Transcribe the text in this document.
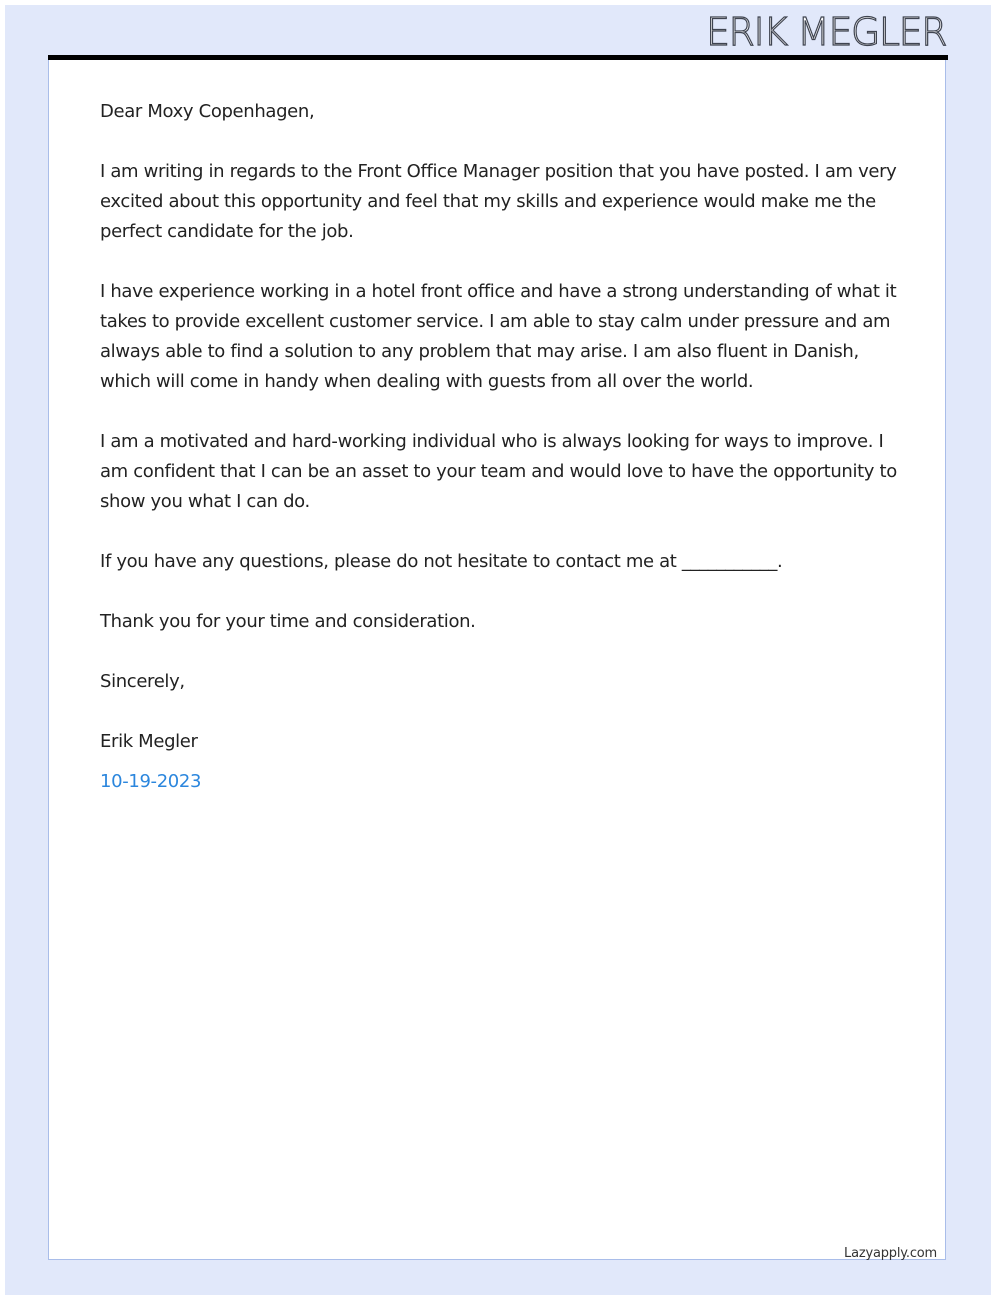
ERIK MEGLER

Dear Moxy Copenhagen,

I am writing in regards to the Front Office Manager position that you have posted. I am very excited about this opportunity and feel that my skills and experience would make me the perfect candidate for the job.

I have experience working in a hotel front office and have a strong understanding of what it takes to provide excellent customer service. I am able to stay calm under pressure and am always able to find a solution to any problem that may arise. I am also fluent in Danish, which will come in handy when dealing with guests from all over the world.

I am a motivated and hard-working individual who is always looking for ways to improve. I am confident that I can be an asset to your team and would love to have the opportunity to show you what I can do.

If you have any questions, please do not hesitate to contact me at ___________.

Thank you for your time and consideration.

Sincerely,

Erik Megler

10-19-2023

Lazyapply.com
